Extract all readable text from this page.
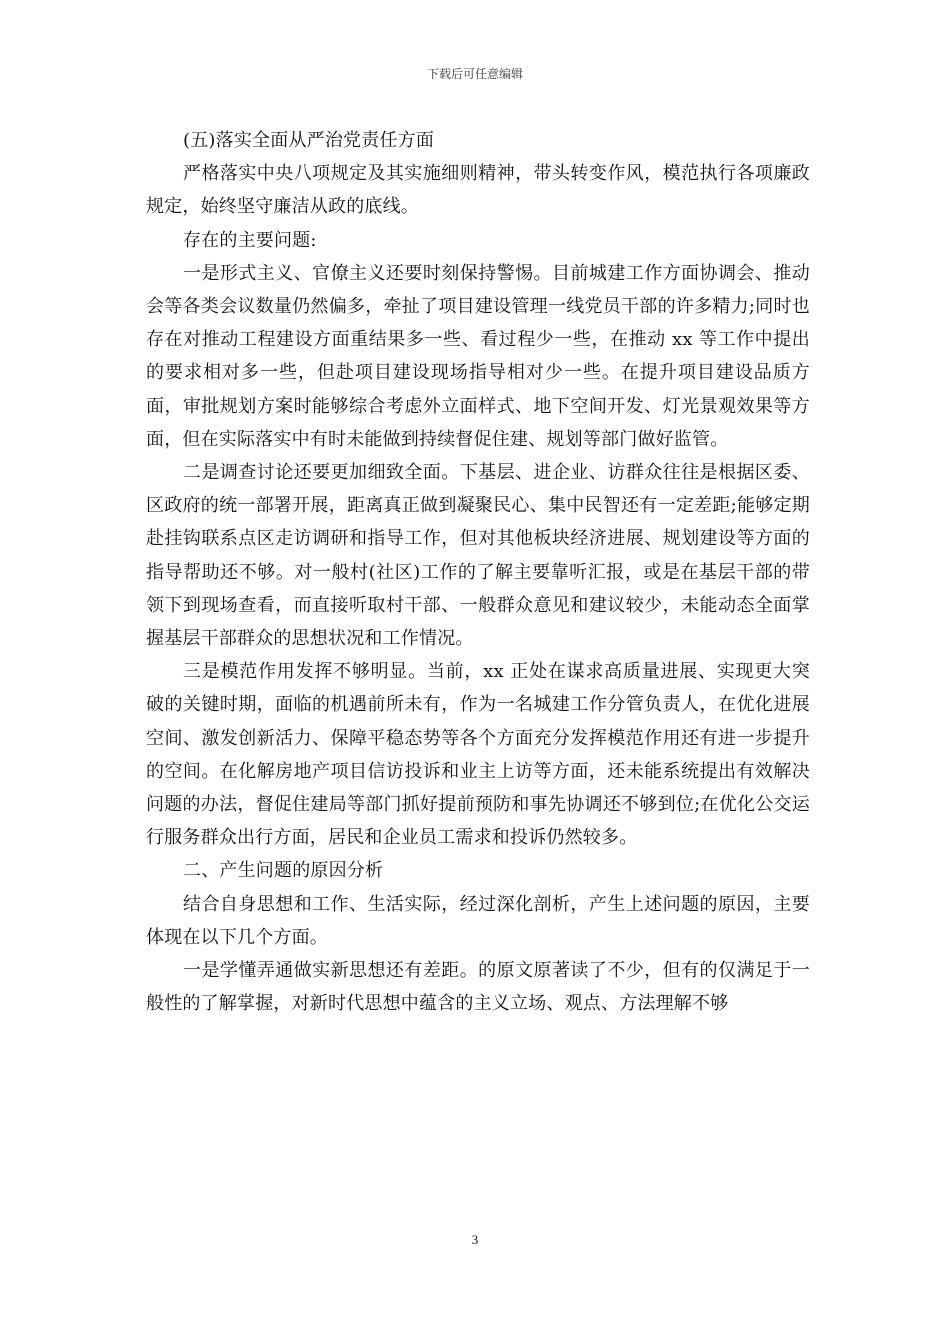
下载后可任意编辑

(五)落实全面从严治党责任方面

严格落实中央八项规定及其实施细则精神，带头转变作风，模范执行各项廉政规定，始终坚守廉洁从政的底线。

存在的主要问题:

一是形式主义、官僚主义还要时刻保持警惕。目前城建工作方面协调会、推动会等各类会议数量仍然偏多，牵扯了项目建设管理一线党员干部的许多精力;同时也存在对推动工程建设方面重结果多一些、看过程少一些，在推动 xx 等工作中提出的要求相对多一些，但赴项目建设现场指导相对少一些。在提升项目建设品质方面，审批规划方案时能够综合考虑外立面样式、地下空间开发、灯光景观效果等方面，但在实际落实中有时未能做到持续督促住建、规划等部门做好监管。

二是调查讨论还要更加细致全面。下基层、进企业、访群众往往是根据区委、区政府的统一部署开展，距离真正做到凝聚民心、集中民智还有一定差距;能够定期赴挂钩联系点区走访调研和指导工作，但对其他板块经济进展、规划建设等方面的指导帮助还不够。对一般村(社区)工作的了解主要靠听汇报，或是在基层干部的带领下到现场查看，而直接听取村干部、一般群众意见和建议较少，未能动态全面掌握基层干部群众的思想状况和工作情况。

三是模范作用发挥不够明显。当前，xx 正处在谋求高质量进展、实现更大突破的关键时期，面临的机遇前所未有，作为一名城建工作分管负责人，在优化进展空间、激发创新活力、保障平稳态势等各个方面充分发挥模范作用还有进一步提升的空间。在化解房地产项目信访投诉和业主上访等方面，还未能系统提出有效解决问题的办法，督促住建局等部门抓好提前预防和事先协调还不够到位;在优化公交运行服务群众出行方面，居民和企业员工需求和投诉仍然较多。

二、产生问题的原因分析

结合自身思想和工作、生活实际，经过深化剖析，产生上述问题的原因，主要体现在以下几个方面。

一是学懂弄通做实新思想还有差距。的原文原著读了不少，但有的仅满足于一般性的了解掌握，对新时代思想中蕴含的主义立场、观点、方法理解不够

3
